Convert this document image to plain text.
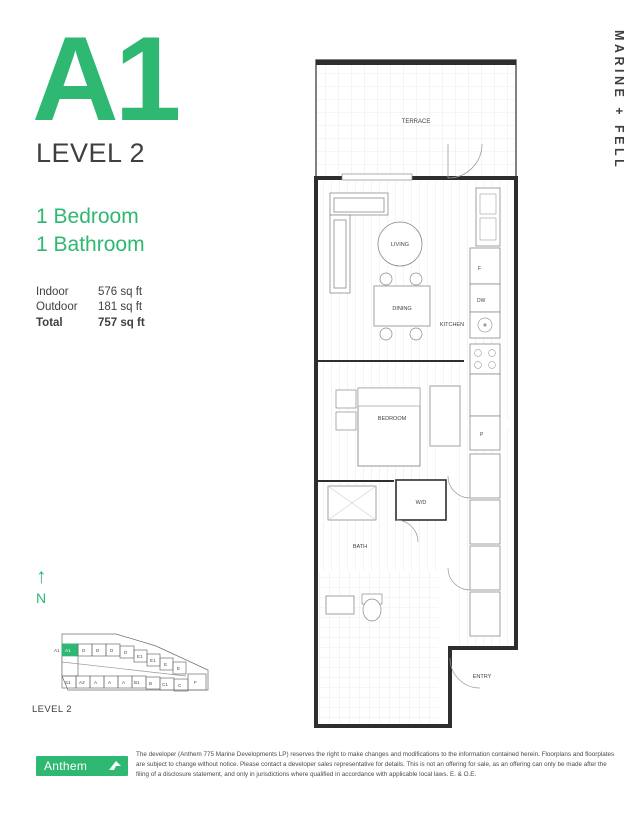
A1
LEVEL 2
1 Bedroom
1 Bathroom
Indoor	576 sq ft
Outdoor	181 sq ft
Total	757 sq ft
↑
N
A1 D D D D
E1
E1
E
E
S1 A2 A A A B1 B C1 C
F
A1
LEVEL 2
MARINE + FELL
TERRACE
LIVING
DINING
F
DW
P
KITCHEN
BEDROOM
W/D
BATH
ENTRY
Anthem
The developer (Anthem 775 Marine Developments LP) reserves the right to make changes and modifications to the information contained herein. Floorplans and floorplates are subject to change without notice. Please contact a developer sales representative for details. This is not an offering for sale, as an offering can only be made after the filing of a disclosure statement, and only in jurisdictions where qualified in accordance with applicable local laws. E. & O.E.
